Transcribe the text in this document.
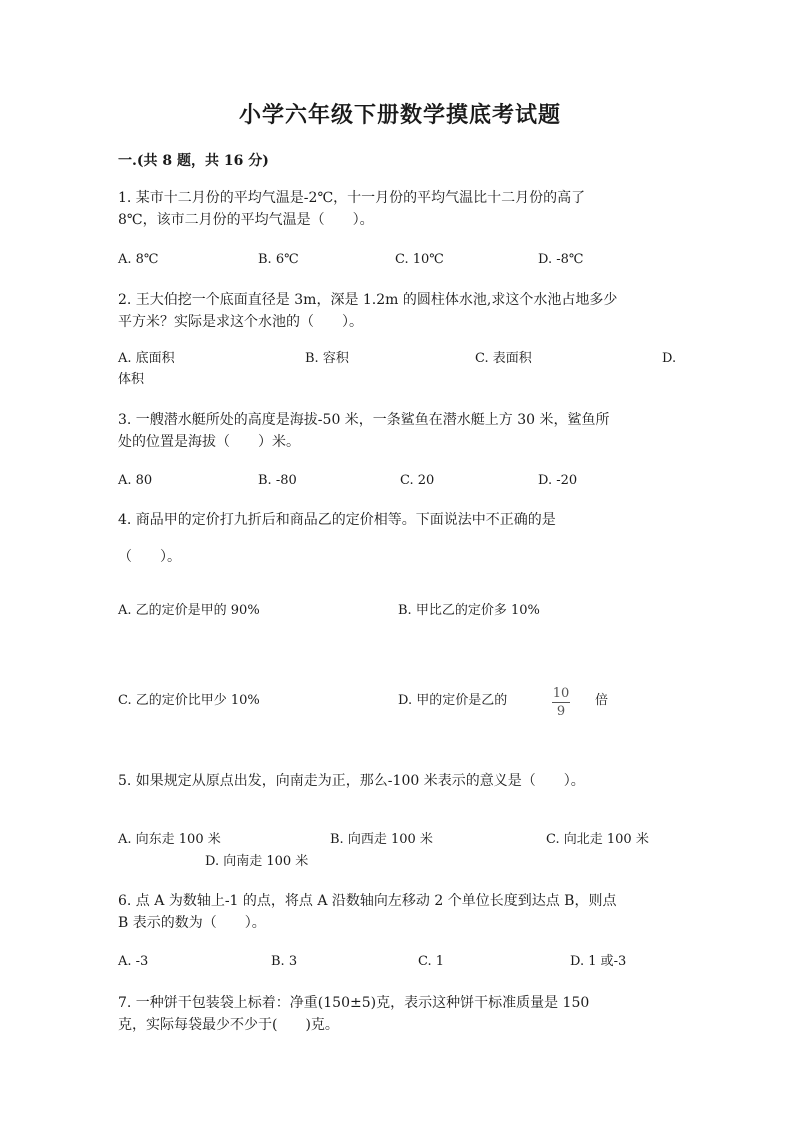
小学六年级下册数学摸底考试题
一.(共 8 题，共 16 分)
1. 某市十二月份的平均气温是-2℃，十一月份的平均气温比十二月份的高了
8℃，该市二月份的平均气温是（　　）。
A. 8℃	B. 6℃	C. 10℃	D. -8℃
2. 王大伯挖一个底面直径是 3m，深是 1.2m 的圆柱体水池,求这个水池占地多少
平方米？实际是求这个水池的（　　）。
A. 底面积	B. 容积	C. 表面积	D.
体积
3. 一艘潜水艇所处的高度是海拔-50 米，一条鲨鱼在潜水艇上方 30 米，鲨鱼所
处的位置是海拔（　　）米。
A. 80	B. -80	C. 20	D. -20
4. 商品甲的定价打九折后和商品乙的定价相等。下面说法中不正确的是
（　　）。
A. 乙的定价是甲的 90%	B. 甲比乙的定价多 10%
C. 乙的定价比甲少 10%	D. 甲的定价是乙的	10
9
倍
5. 如果规定从原点出发，向南走为正，那么-100 米表示的意义是（　　）。
A. 向东走 100 米	B. 向西走 100 米	C. 向北走 100 米
D. 向南走 100 米
6. 点 A 为数轴上-1 的点，将点 A 沿数轴向左移动 2 个单位长度到达点 B，则点
B 表示的数为（　　）。
A. -3	B. 3	C. 1	D. 1 或-3
7. 一种饼干包装袋上标着：净重(150±5)克，表示这种饼干标准质量是 150
克，实际每袋最少不少于(　　)克。
